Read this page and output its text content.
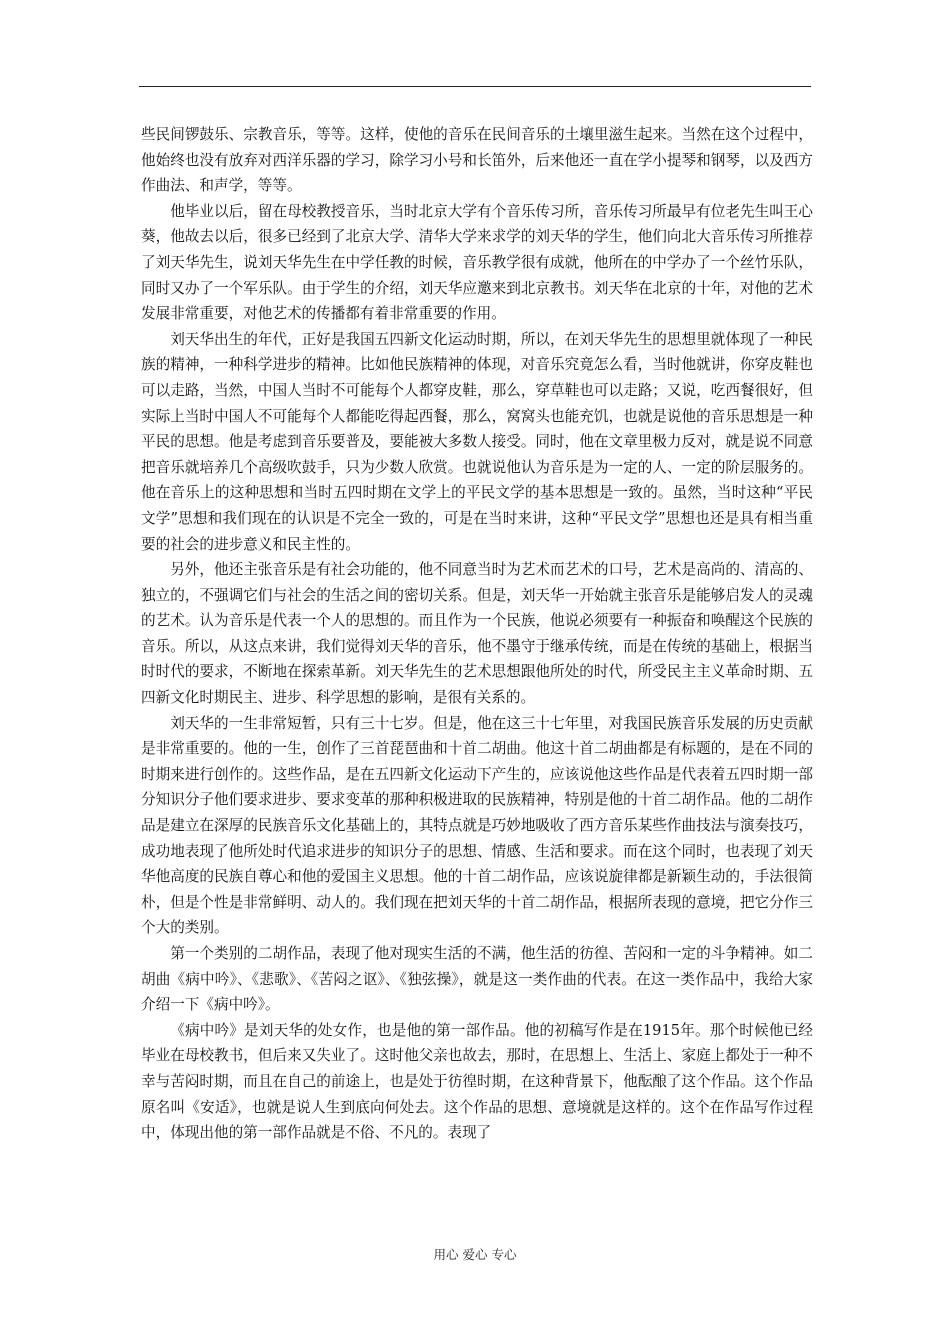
些民间锣鼓乐、宗教音乐，等等。这样，使他的音乐在民间音乐的土壤里滋生起来。当然在这个过程中，他始终也没有放弃对西洋乐器的学习，除学习小号和长笛外，后来他还一直在学小提琴和钢琴，以及西方作曲法、和声学，等等。

他毕业以后，留在母校教授音乐，当时北京大学有个音乐传习所，音乐传习所最早有位老先生叫王心葵，他故去以后，很多已经到了北京大学、清华大学来求学的刘天华的学生，他们向北大音乐传习所推荐了刘天华先生，说刘天华先生在中学任教的时候，音乐教学很有成就，他所在的中学办了一个丝竹乐队，同时又办了一个军乐队。由于学生的介绍，刘天华应邀来到北京教书。刘天华在北京的十年，对他的艺术发展非常重要，对他艺术的传播都有着非常重要的作用。

刘天华出生的年代，正好是我国五四新文化运动时期，所以，在刘天华先生的思想里就体现了一种民族的精神，一种科学进步的精神。比如他民族精神的体现，对音乐究竟怎么看，当时他就讲，你穿皮鞋也可以走路，当然，中国人当时不可能每个人都穿皮鞋，那么，穿草鞋也可以走路；又说，吃西餐很好，但实际上当时中国人不可能每个人都能吃得起西餐，那么，窝窝头也能充饥，也就是说他的音乐思想是一种平民的思想。他是考虑到音乐要普及，要能被大多数人接受。同时，他在文章里极力反对，就是说不同意把音乐就培养几个高级吹鼓手，只为少数人欣赏。也就说他认为音乐是为一定的人、一定的阶层服务的。他在音乐上的这种思想和当时五四时期在文学上的平民文学的基本思想是一致的。虽然，当时这种“平民文学”思想和我们现在的认识是不完全一致的，可是在当时来讲，这种“平民文学”思想也还是具有相当重要的社会的进步意义和民主性的。

另外，他还主张音乐是有社会功能的，他不同意当时为艺术而艺术的口号，艺术是高尚的、清高的、独立的，不强调它们与社会的生活之间的密切关系。但是，刘天华一开始就主张音乐是能够启发人的灵魂的艺术。认为音乐是代表一个人的思想的。而且作为一个民族，他说必须要有一种振奋和唤醒这个民族的音乐。所以，从这点来讲，我们觉得刘天华的音乐，他不墨守于继承传统，而是在传统的基础上，根据当时时代的要求，不断地在探索革新。刘天华先生的艺术思想跟他所处的时代，所受民主主义革命时期、五四新文化时期民主、进步、科学思想的影响，是很有关系的。

刘天华的一生非常短暂，只有三十七岁。但是，他在这三十七年里，对我国民族音乐发展的历史贡献是非常重要的。他的一生，创作了三首琵琶曲和十首二胡曲。他这十首二胡曲都是有标题的，是在不同的时期来进行创作的。这些作品，是在五四新文化运动下产生的，应该说他这些作品是代表着五四时期一部分知识分子他们要求进步、要求变革的那种积极进取的民族精神，特别是他的十首二胡作品。他的二胡作品是建立在深厚的民族音乐文化基础上的，其特点就是巧妙地吸收了西方音乐某些作曲技法与演奏技巧，成功地表现了他所处时代追求进步的知识分子的思想、情感、生活和要求。而在这个同时，也表现了刘天华他高度的民族自尊心和他的爱国主义思想。他的十首二胡作品，应该说旋律都是新颖生动的，手法很简朴，但是个性是非常鲜明、动人的。我们现在把刘天华的十首二胡作品，根据所表现的意境，把它分作三个大的类别。

第一个类别的二胡作品，表现了他对现实生活的不满，他生活的彷徨、苦闷和一定的斗争精神。如二胡曲《病中吟》、《悲歌》、《苦闷之讴》、《独弦操》，就是这一类作曲的代表。在这一类作品中，我给大家介绍一下《病中吟》。

《病中吟》是刘天华的处女作，也是他的第一部作品。他的初稿写作是在1915年。那个时候他已经毕业在母校教书，但后来又失业了。这时他父亲也故去，那时，在思想上、生活上、家庭上都处于一种不幸与苦闷时期，而且在自己的前途上，也是处于彷徨时期，在这种背景下，他酝酿了这个作品。这个作品原名叫《安适》，也就是说人生到底向何处去。这个作品的思想、意境就是这样的。这个在作品写作过程中，体现出他的第一部作品就是不俗、不凡的。表现了

用心 爱心 专心
